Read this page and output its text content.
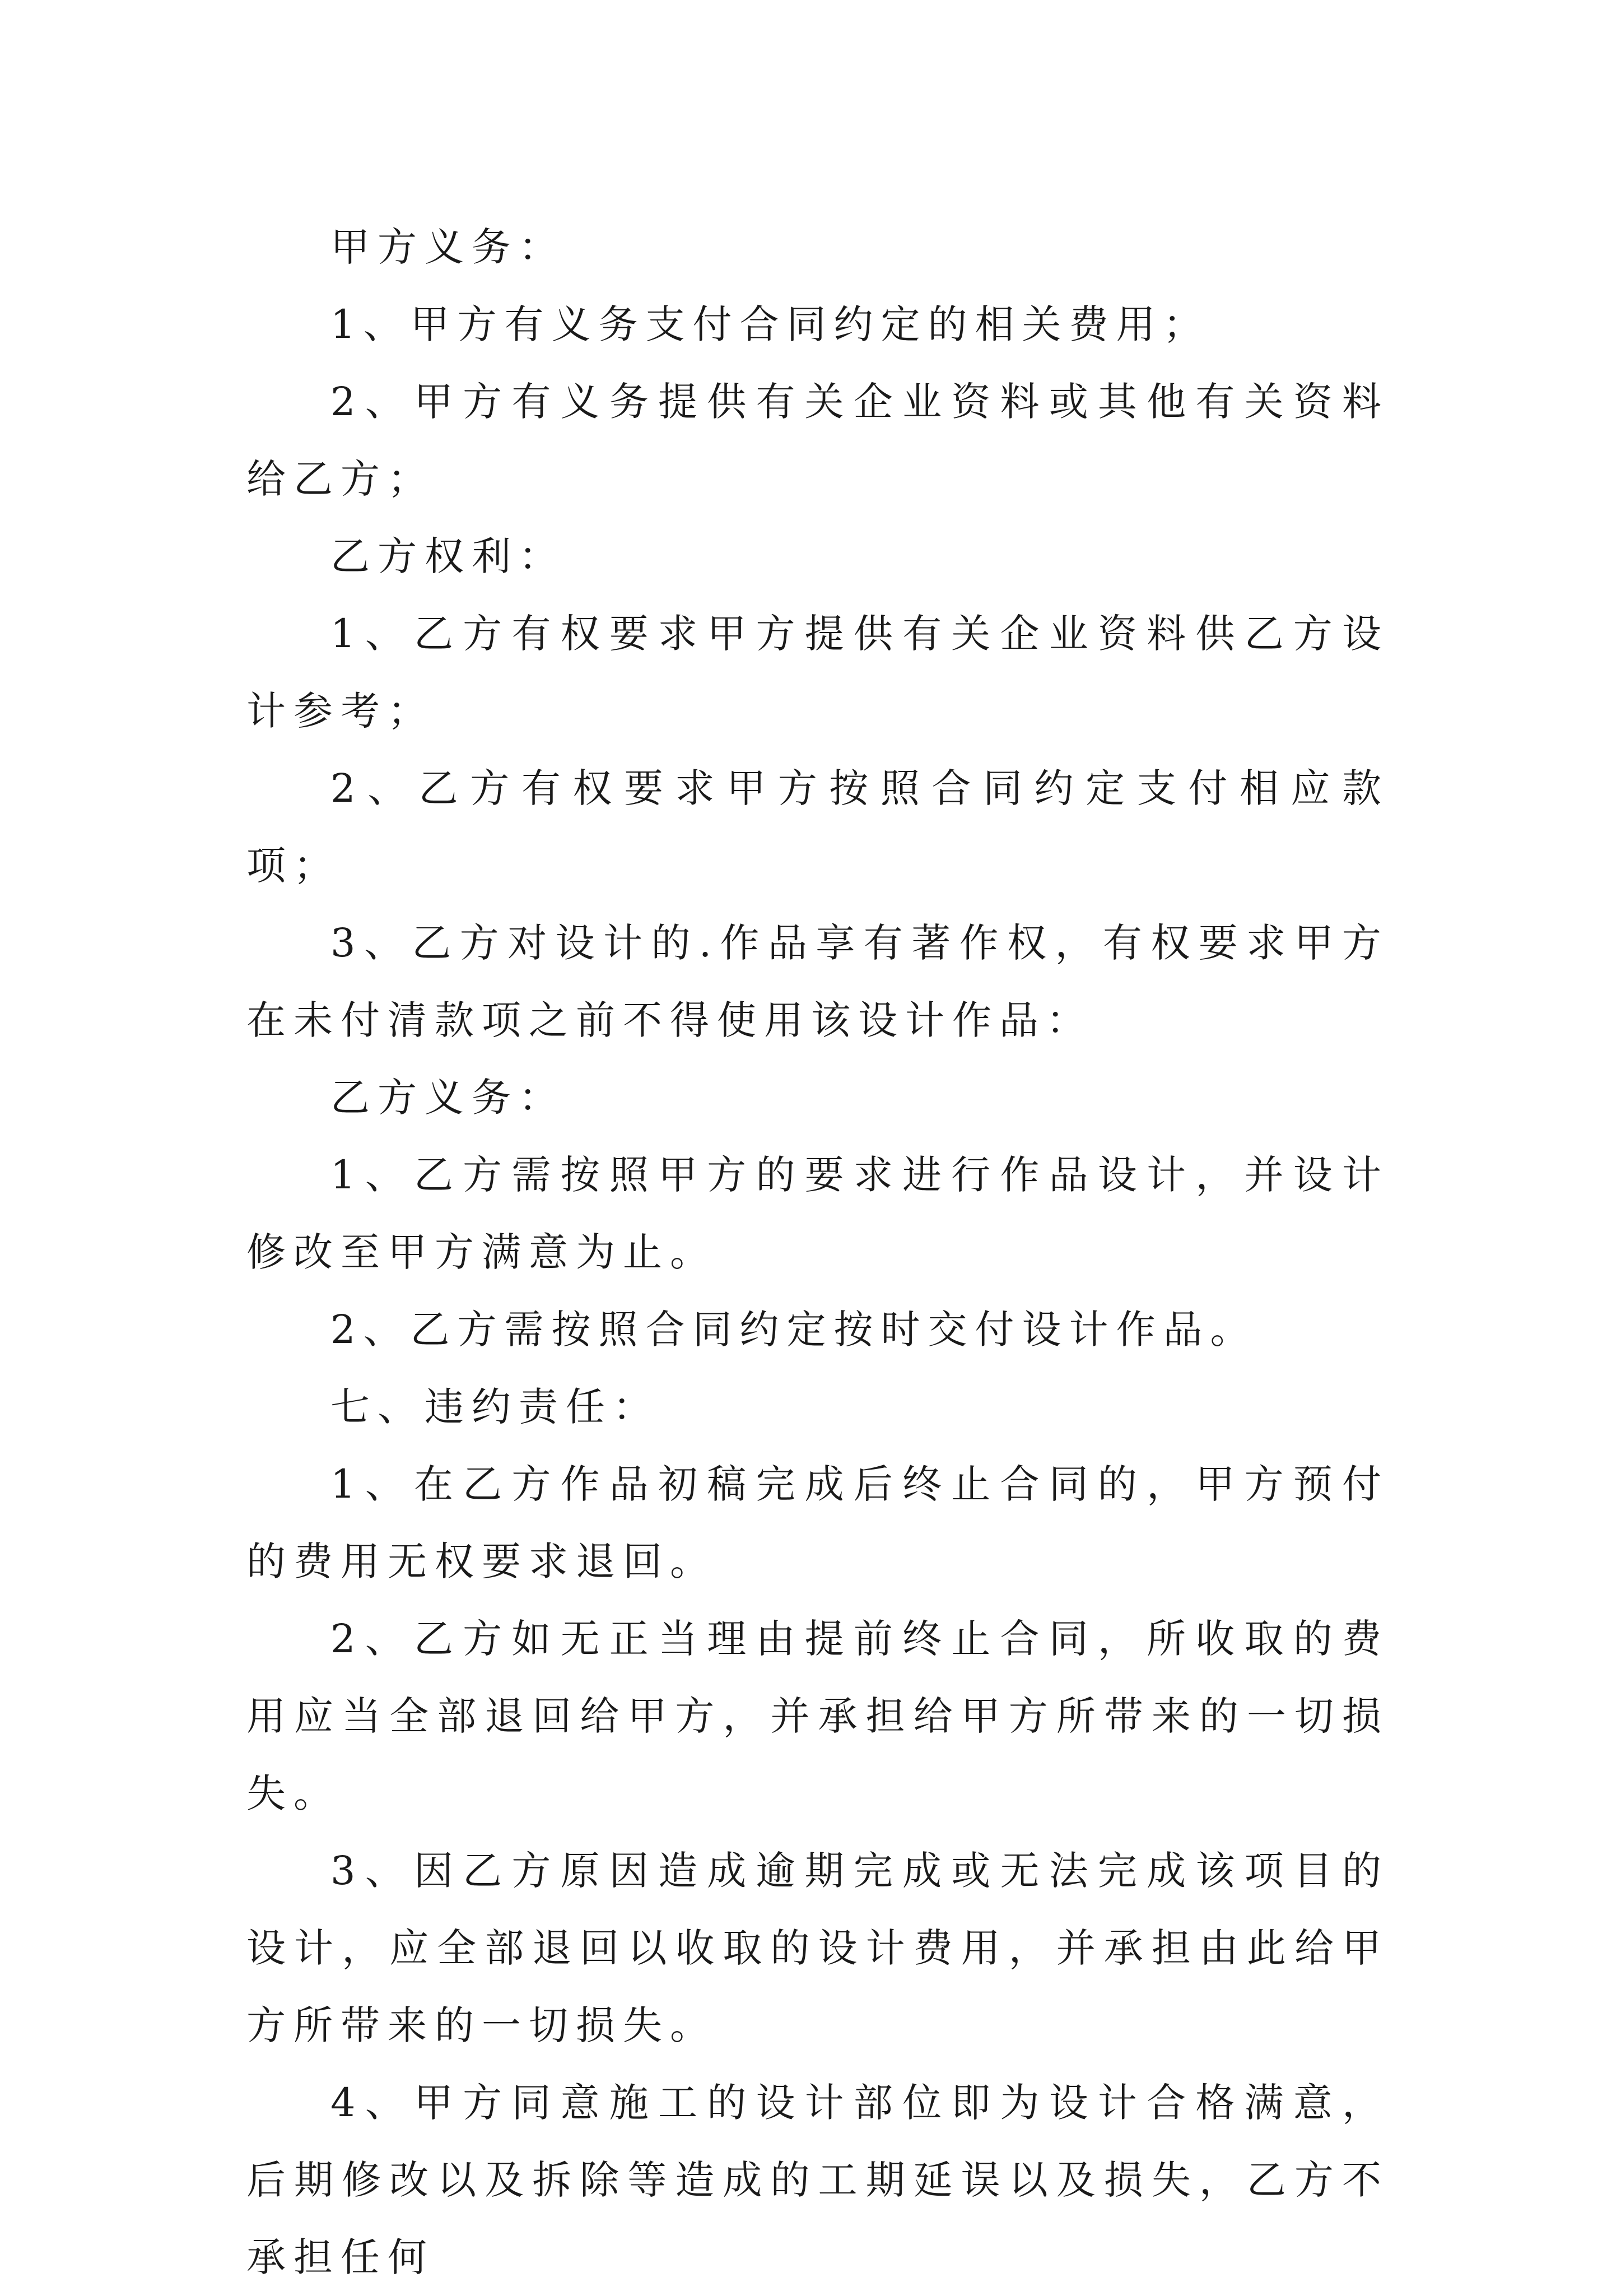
甲方义务：

1、甲方有义务支付合同约定的相关费用；

2、甲方有义务提供有关企业资料或其他有关资料给乙方；

乙方权利：

1、乙方有权要求甲方提供有关企业资料供乙方设计参考；

2、乙方有权要求甲方按照合同约定支付相应款项；

3、乙方对设计的.作品享有著作权，有权要求甲方在未付清款项之前不得使用该设计作品：

乙方义务：

1、乙方需按照甲方的要求进行作品设计，并设计修改至甲方满意为止。

2、乙方需按照合同约定按时交付设计作品。

七、违约责任：

1、在乙方作品初稿完成后终止合同的，甲方预付的费用无权要求退回。

2、乙方如无正当理由提前终止合同，所收取的费用应当全部退回给甲方，并承担给甲方所带来的一切损失。

3、因乙方原因造成逾期完成或无法完成该项目的设计，应全部退回以收取的设计费用，并承担由此给甲方所带来的一切损失。

4、甲方同意施工的设计部位即为设计合格满意，后期修改以及拆除等造成的工期延误以及损失，乙方不承担任何
